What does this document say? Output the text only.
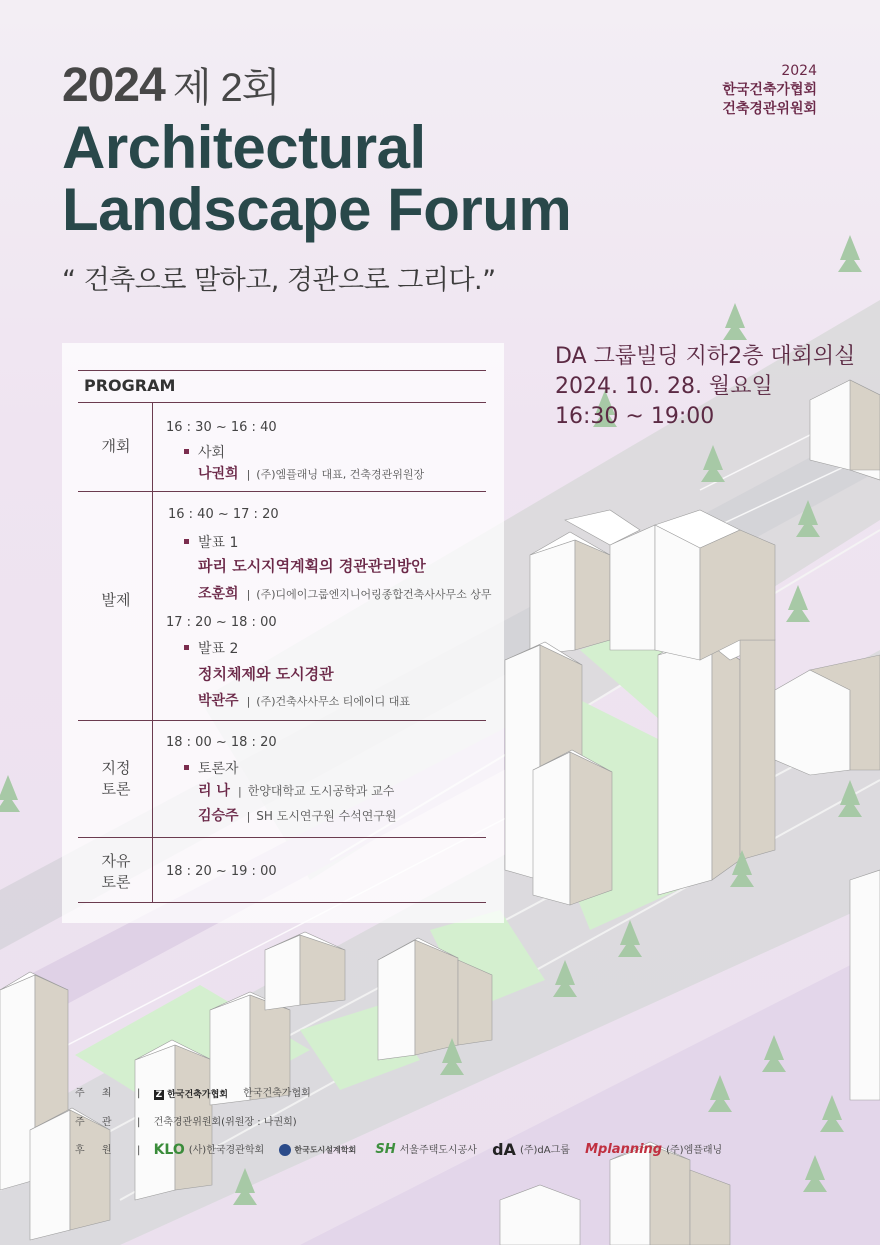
2024 제 2회
Architectural
Landscape Forum
“ 건축으로 말하고, 경관으로 그리다.”
2024
한국건축가협회
건축경관위원회
DA 그룹빌딩 지하2층 대회의실
2024. 10. 28. 월요일
16:30 ~ 19:00
PROGRAM
개회
16 : 30 ~ 16 : 40
사회
나권희 | (주)엠플래닝 대표, 건축경관위원장
발제
16 : 40 ~ 17 : 20
발표 1
파리 도시지역계획의 경관관리방안
조훈희 | (주)디에이그룹엔지니어링종합건축사사무소 상무
17 : 20 ~ 18 : 00
발표 2
정치체제와 도시경관
박관주 | (주)건축사사무소 티에이디 대표
지정
토론
18 : 00 ~ 18 : 20
토론자
리 나 | 한양대학교 도시공학과 교수
김승주 | SH 도시연구원 수석연구원
자유
토론
18 : 20 ~ 19 : 00
주 최 | Z 한국건축가협회 한국건축가협회
주 관 | 건축경관위원회(위원장 : 나권희)
후 원 | KLO (사)한국경관학회	한국도시설계학회 SH 서울주택도시공사 dA (주)dA그룹 Mplanning (주)엠플래닝
